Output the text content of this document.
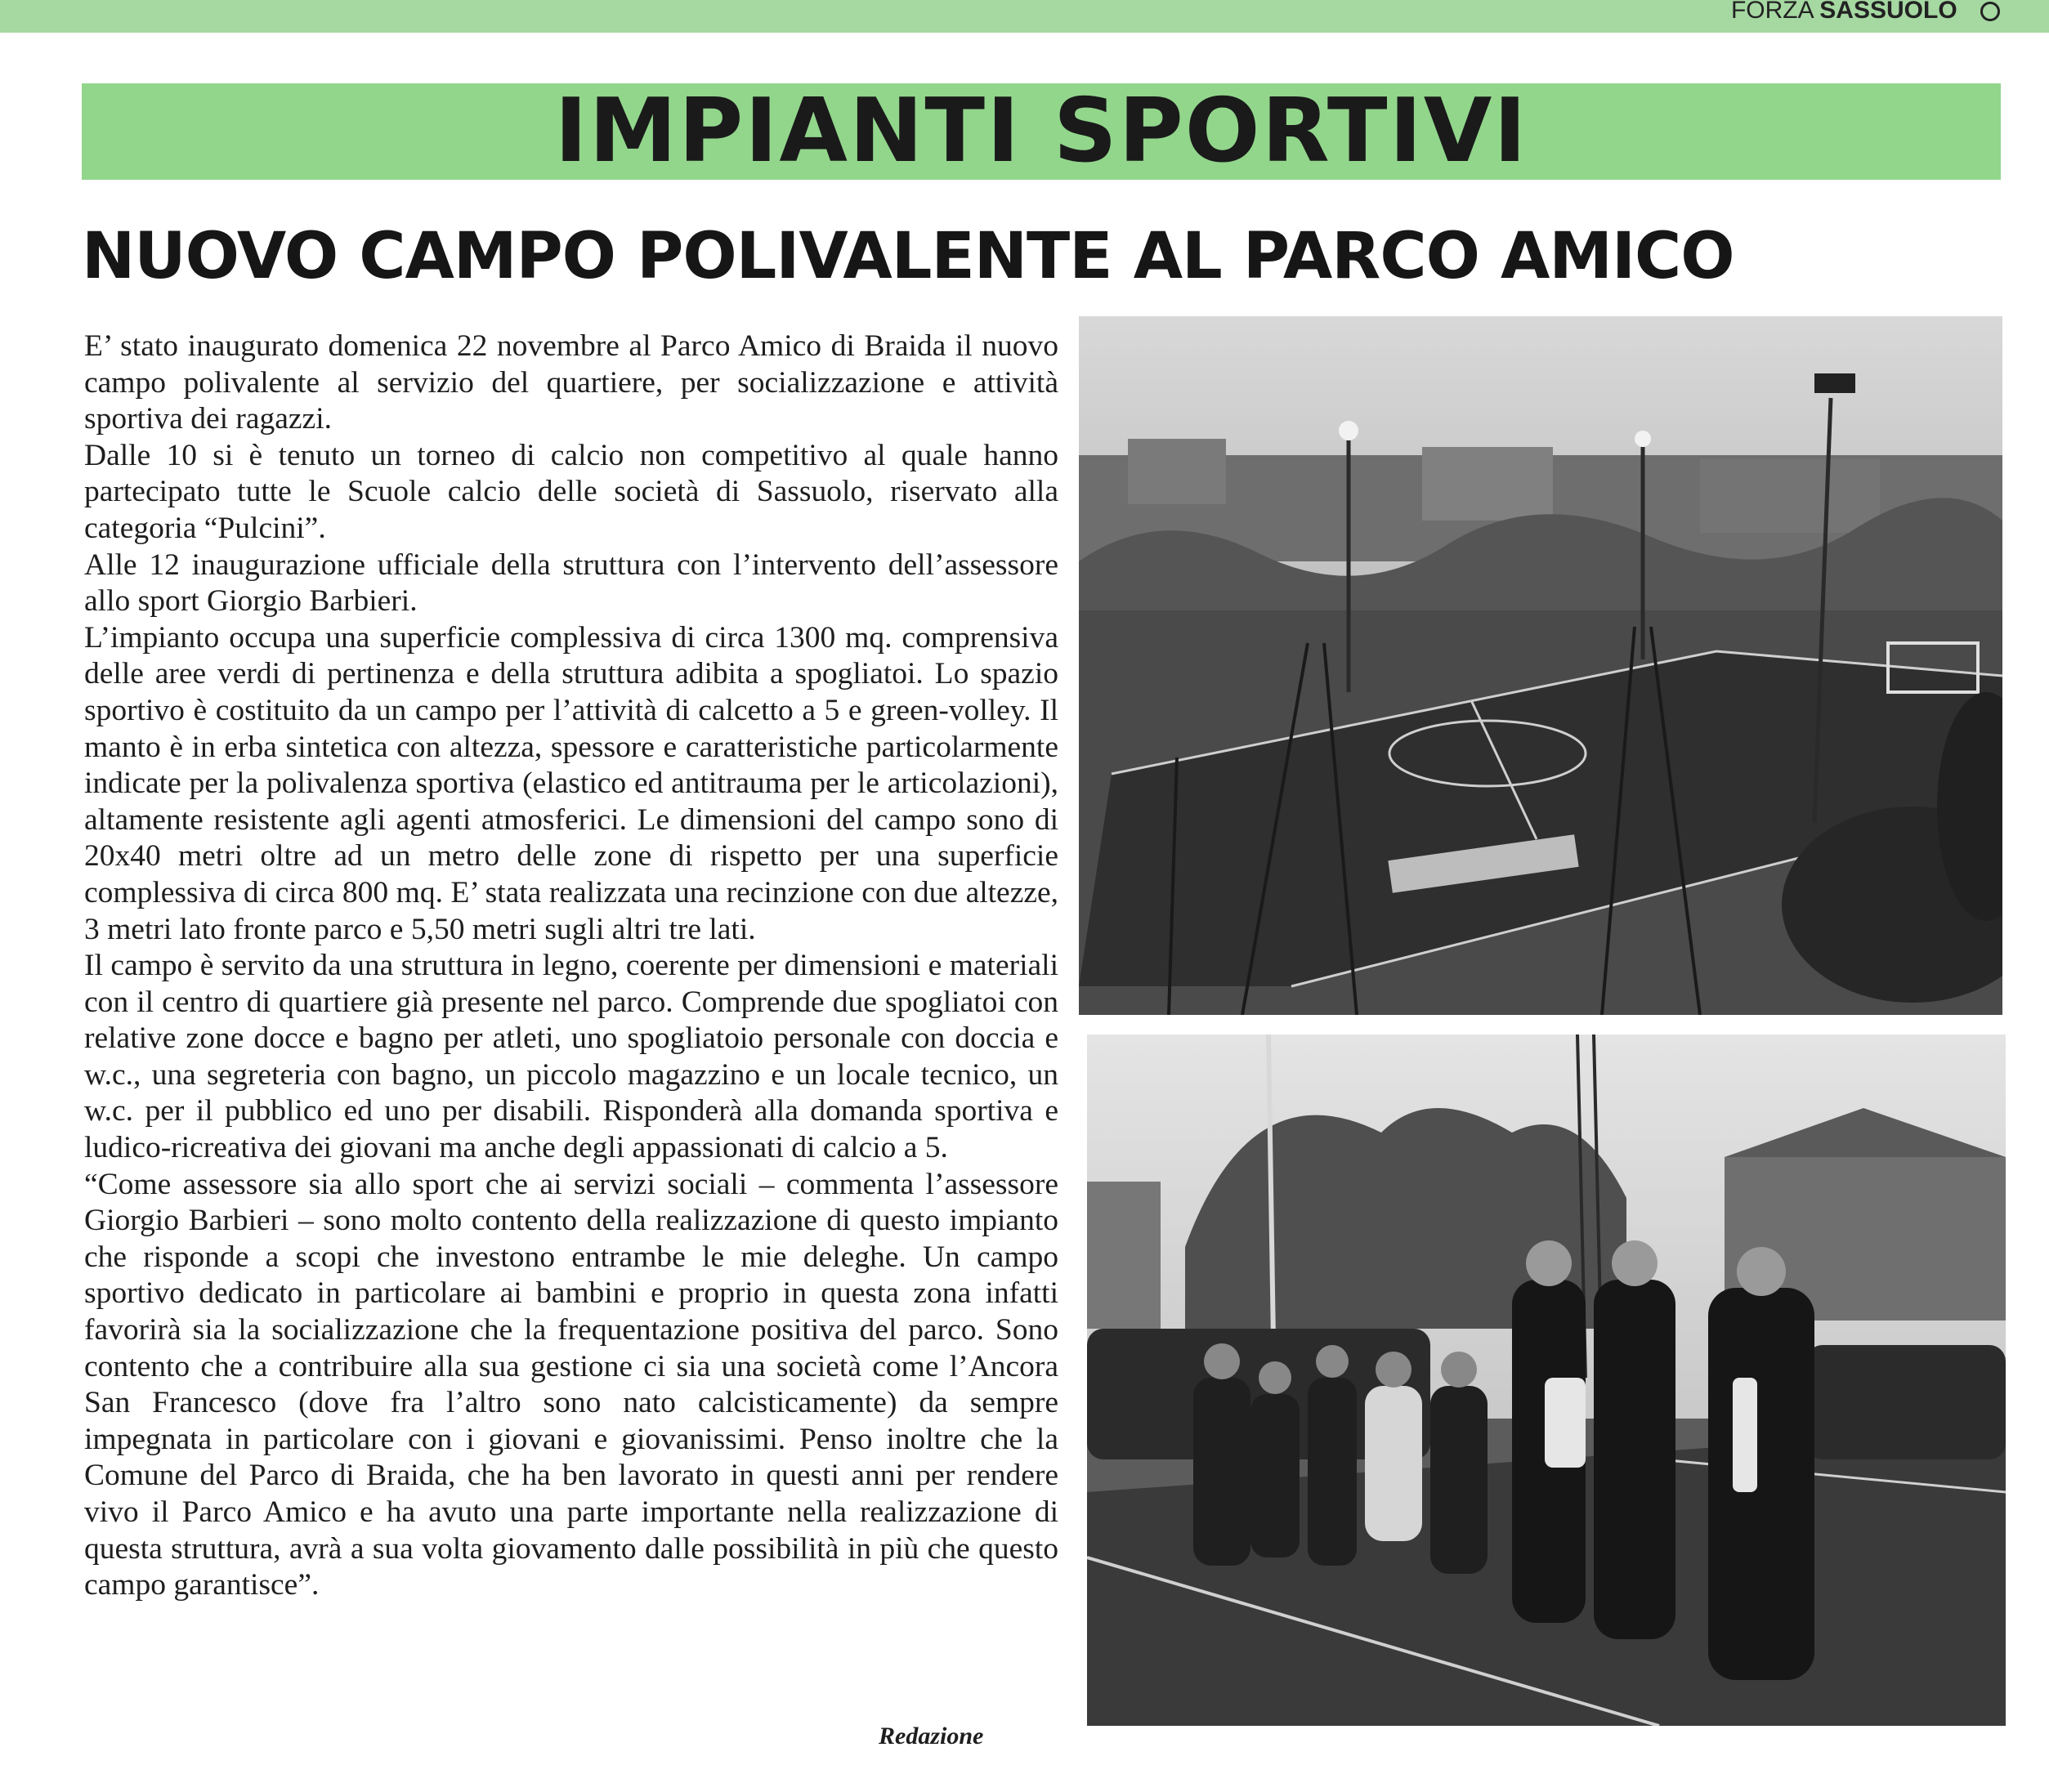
FORZA SASSUOLO
IMPIANTI SPORTIVI
NUOVO CAMPO POLIVALENTE AL PARCO AMICO

E’ stato inaugurato domenica 22 novembre al Parco Amico di Braida il nuovo campo polivalente al servizio del quartiere, per socializzazione e attività sportiva dei ragazzi.

Dalle 10 si è tenuto un torneo di calcio non competitivo al quale hanno partecipato tutte le Scuole calcio delle società di Sassuolo, riservato alla categoria “Pulcini”.

Alle 12 inaugurazione ufficiale della struttura con l’intervento dell’assessore allo sport Giorgio Barbieri.

L’impianto occupa una superficie complessiva di circa 1300 mq. comprensiva delle aree verdi di pertinenza e della struttura adibita a spogliatoi. Lo spazio sportivo è costituito da un campo per l’attività di calcetto a 5 e green-volley. Il manto è in erba sintetica con altezza, spessore e caratteristiche particolarmente indicate per la polivalenza sportiva (elastico ed antitrauma per le articolazioni), altamente resistente agli agenti atmosferici. Le dimensioni del campo sono di 20x40 metri oltre ad un metro delle zone di rispetto per una superficie complessiva di circa 800 mq. E’ stata realizzata una recinzione con due altezze, 3 metri lato fronte parco e 5,50 metri sugli altri tre lati.

Il campo è servito da una struttura in legno, coerente per dimensioni e materiali con il centro di quartiere già presente nel parco. Comprende due spogliatoi con relative zone docce e bagno per atleti, uno spogliatoio personale con doccia e w.c., una segreteria con bagno, un piccolo magazzino e un locale tecnico, un w.c. per il pubblico ed uno per disabili. Risponderà alla domanda sportiva e ludico-ricreativa dei giovani ma anche degli appassionati di calcio a 5.

“Come assessore sia allo sport che ai servizi sociali – commenta l’assessore Giorgio Barbieri – sono molto contento della realizzazione di questo impianto che risponde a scopi che investono entrambe le mie deleghe. Un campo sportivo dedicato in particolare ai bambini e proprio in questa zona infatti favorirà sia la socializzazione che la frequentazione positiva del parco. Sono contento che a contribuire alla sua gestione ci sia una società come l’Ancora San Francesco (dove fra l’altro sono nato calcisticamente) da sempre impegnata in particolare con i giovani e giovanissimi. Penso inoltre che la Comune del Parco di Braida, che ha ben lavorato in questi anni per rendere vivo il Parco Amico e ha avuto una parte importante nella realizzazione di questa struttura, avrà a sua volta giovamento dalle possibilità in più che questo campo garantisce”.

Redazione
